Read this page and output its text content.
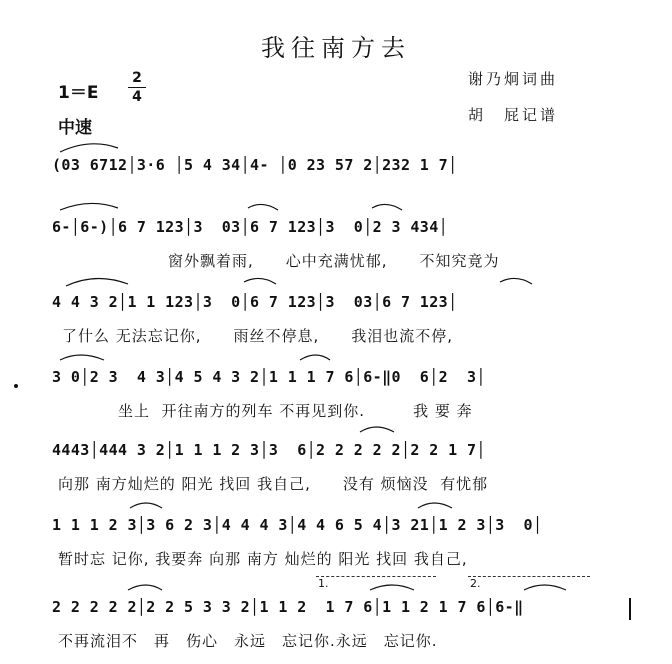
我往南方去
1＝E
2
4
中速
谢乃炯词曲
胡　屁记谱
(03 6712│3·6 │5 4 34│4- │0 23 57 2│232 1 7│
6-│6-)│6 7 123│3  03│6 7 123│3  0│2 3 434│
窗外飘着雨,　　心中充满忧郁,　　不知究竟为
4 4 3 2│1 1 123│3  0│6 7 123│3  03│6 7 123│
了什么 无法忘记你,　　雨丝不停息,　　我泪也流不停,
3 0│2 3  4 3│4 5 4 3 2│1 1 1 7 6│6-‖0  6│2  3│
坐上  开往南方的列车 不再见到你.　　　我 要 奔
4443│444 3 2│1 1 1 2 3│3  6│2 2 2 2 2│2 2 1 7│
向那 南方灿烂的 阳光 找回 我自己,　　没有 烦恼没  有忧郁
1 1 1 2 3│3 6 2 3│4 4 4 3│4 4 6 5 4│3 21│1 2 3│3  0│
暂时忘 记你, 我要奔 向那 南方 灿烂的 阳光 找回 我自己,
1.	2.
2 2 2 2 2│2 2 5 3 3 2│1 1 2  1 7 6│1 1 2 1 7 6│6-‖
不再流泪不　再　伤心　永远　忘记你.永远　忘记你.
